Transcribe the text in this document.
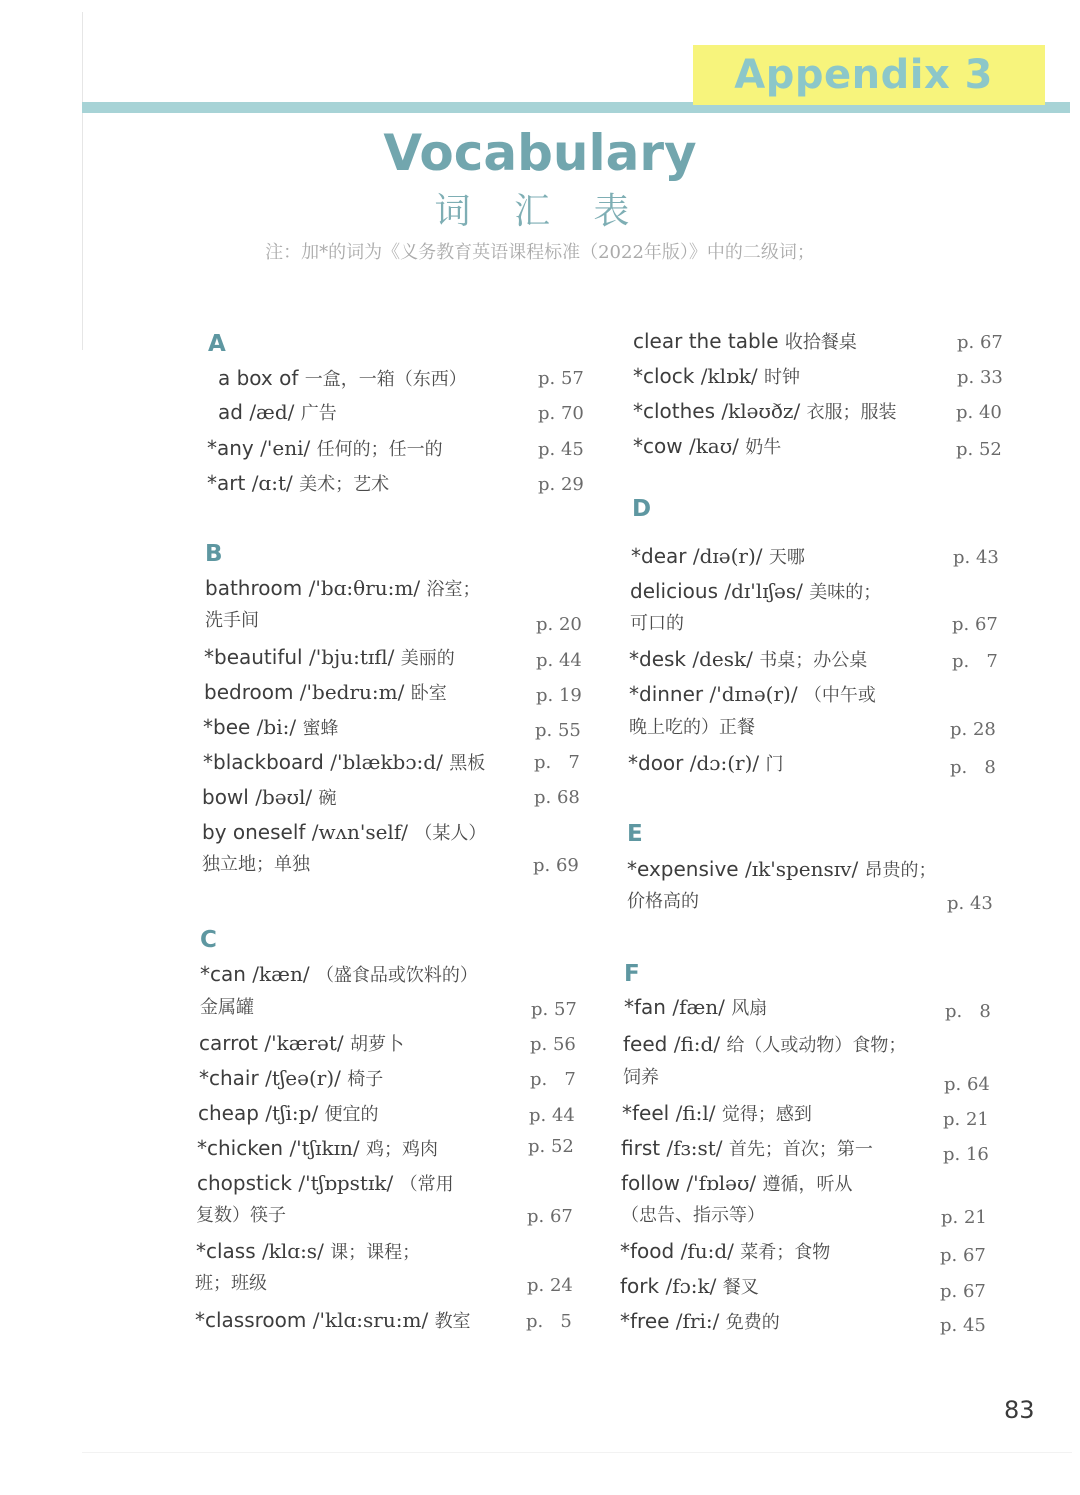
Appendix 3
Vocabulary
词 汇 表
注：加*的词为《义务教育英语课程标准（2022年版）》中的二级词；
A
a box of 一盒，一箱（东西）	p. 57
ad /æd/ 广告	p. 70
*any /'eni/ 任何的；任一的	p. 45
*art /ɑ:t/ 美术；艺术	p. 29
B
bathroom /'bɑ:θru:m/ 浴室；
洗手间	p. 20
*beautiful /'bju:tɪfl/ 美丽的	p. 44
bedroom /'bedru:m/ 卧室	p. 19
*bee /bi:/ 蜜蜂	p. 55
*blackboard /'blækbɔ:d/ 黑板	p.   7
bowl /bəʊl/ 碗	p. 68
by oneself /wʌn'self/ （某人）
独立地；单独	p. 69
C
*can /kæn/ （盛食品或饮料的）
金属罐	p. 57
carrot /'kærət/ 胡萝卜	p. 56
*chair /tʃeə(r)/ 椅子	p.   7
cheap /tʃi:p/ 便宜的	p. 44
*chicken /'tʃɪkɪn/ 鸡；鸡肉	p. 52
chopstick /'tʃɒpstɪk/ （常用
复数）筷子	p. 67
*class /klɑ:s/ 课；课程；
班；班级	p. 24
*classroom /'klɑ:sru:m/ 教室	p.   5
clear the table 收拾餐桌	p. 67
*clock /klɒk/ 时钟	p. 33
*clothes /kləʊðz/ 衣服；服装	p. 40
*cow /kaʊ/ 奶牛	p. 52
D
*dear /dɪə(r)/ 天哪	p. 43
delicious /dɪ'lɪʃəs/ 美味的；
可口的	p. 67
*desk /desk/ 书桌；办公桌	p.   7
*dinner /'dɪnə(r)/ （中午或
晚上吃的）正餐	p. 28
*door /dɔ:(r)/ 门	p.   8
E
*expensive /ɪk'spensɪv/ 昂贵的；
价格高的	p. 43
F
*fan /fæn/ 风扇	p.   8
feed /fi:d/ 给（人或动物）食物；
饲养	p. 64
*feel /fi:l/ 觉得；感到	p. 21
first /fɜ:st/ 首先；首次；第一	p. 16
follow /'fɒləʊ/ 遵循，听从
（忠告、指示等）	p. 21
*food /fu:d/ 菜肴；食物	p. 67
fork /fɔ:k/ 餐叉	p. 67
*free /fri:/ 免费的	p. 45
83
